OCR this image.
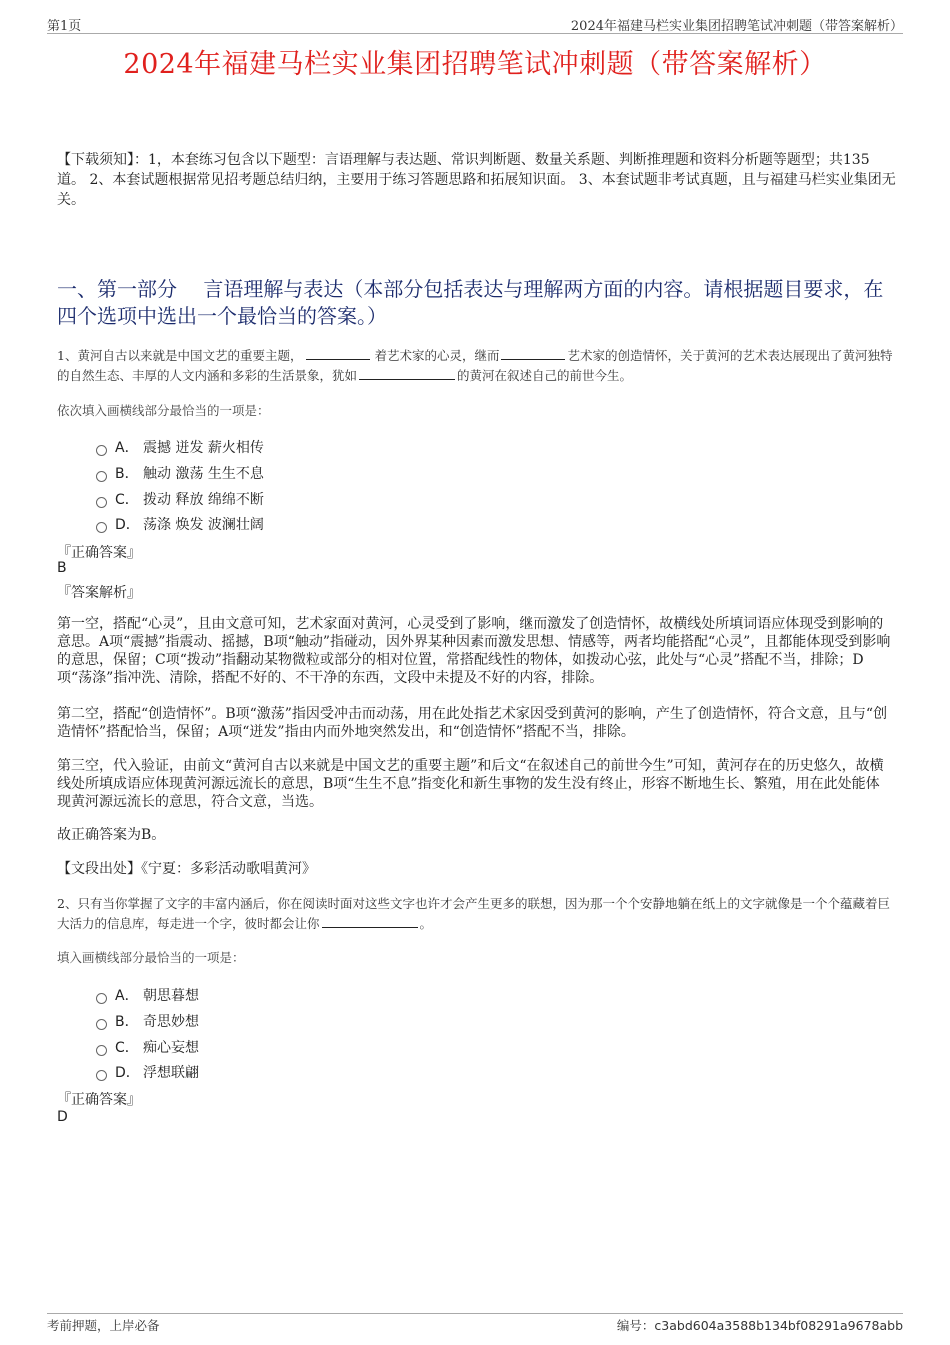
第1页	2024年福建马栏实业集团招聘笔试冲刺题（带答案解析）
2024年福建马栏实业集团招聘笔试冲刺题（带答案解析）
【下载须知】：1，本套练习包含以下题型：言语理解与表达题、常识判断题、数量关系题、判断推理题和资料分析题等题型；共135道。 2、本套试题根据常见招考题总结归纳，主要用于练习答题思路和拓展知识面。 3、本套试题非考试真题，且与福建马栏实业集团无关。
一、第一部分　 言语理解与表达（本部分包括表达与理解两方面的内容。请根据题目要求，在四个选项中选出一个最恰当的答案。）
1、黄河自古以来就是中国文艺的重要主题，	着艺术家的心灵，继而	艺术家的创造情怀，关于黄河的艺术表达展现出了黄河独特的自然生态、丰厚的人文内涵和多彩的生活景象，犹如	的黄河在叙述自己的前世今生。
依次填入画横线部分最恰当的一项是：
A． 震撼 迸发 薪火相传
B． 触动 激荡 生生不息
C． 拨动 释放 绵绵不断
D． 荡涤 焕发 波澜壮阔
『正确答案』
B
『答案解析』
第一空，搭配“心灵”，且由文意可知，艺术家面对黄河，心灵受到了影响，继而激发了创造情怀，故横线处所填词语应体现受到影响的意思。A项“震撼”指震动、摇撼，B项“触动”指碰动，因外界某种因素而激发思想、情感等，两者均能搭配“心灵”，且都能体现受到影响的意思，保留；C项“拨动”指翻动某物微粒或部分的相对位置，常搭配线性的物体，如拨动心弦，此处与“心灵”搭配不当，排除；D项“荡涤”指冲洗、清除，搭配不好的、不干净的东西，文段中未提及不好的内容，排除。
第二空，搭配“创造情怀”。B项“激荡”指因受冲击而动荡，用在此处指艺术家因受到黄河的影响，产生了创造情怀，符合文意，且与“创造情怀”搭配恰当，保留；A项“迸发”指由内而外地突然发出，和“创造情怀”搭配不当，排除。
第三空，代入验证，由前文“黄河自古以来就是中国文艺的重要主题”和后文“在叙述自己的前世今生”可知，黄河存在的历史悠久，故横线处所填成语应体现黄河源远流长的意思，B项“生生不息”指变化和新生事物的发生没有终止，形容不断地生长、繁殖，用在此处能体现黄河源远流长的意思，符合文意，当选。
故正确答案为B。
【文段出处】《宁夏：多彩活动歌唱黄河》
2、只有当你掌握了文字的丰富内涵后，你在阅读时面对这些文字也许才会产生更多的联想，因为那一个个安静地躺在纸上的文字就像是一个个蕴藏着巨大活力的信息库，每走进一个字，彼时都会让你	。
填入画横线部分最恰当的一项是：
A． 朝思暮想
B． 奇思妙想
C． 痴心妄想
D． 浮想联翩
『正确答案』
D
考前押题，上岸必备	编号：c3abd604a3588b134bf08291a9678abb
